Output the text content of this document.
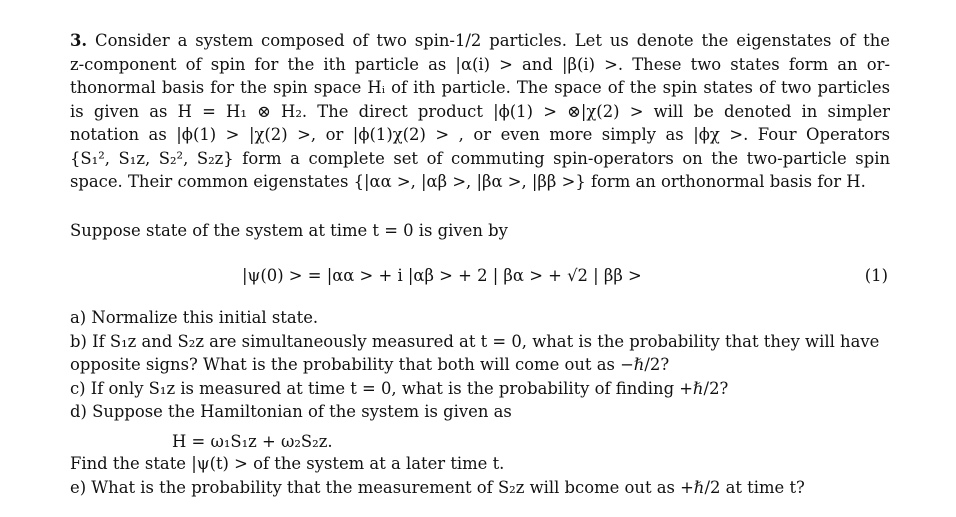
3. Consider a system composed of two spin-1/2 particles. Let us denote the eigenstates of the
z-component of spin for the ith particle as |α(i) > and |β(i) >. These two states form an or-
thonormal basis for the spin space Hᵢ of ith particle. The space of the spin states of two particles
is given as H = H₁ ⊗ H₂. The direct product |ϕ(1) > ⊗|χ(2) > will be denoted in simpler
notation as |ϕ(1) > |χ(2) >, or |ϕ(1)χ(2) > , or even more simply as |ϕχ >. Four Operators
{S₁², S₁z, S₂², S₂z} form a complete set of commuting spin-operators on the two-particle spin
space. Their common eigenstates {|αα >, |αβ >, |βα >, |ββ >} form an orthonormal basis for H.
Suppose state of the system at time t = 0 is given by
|ψ(0) > = |αα > + i |αβ > + 2 | βα > + √2 | ββ >	(1)
a) Normalize this initial state.
b) If S₁z and S₂z are simultaneously measured at t = 0, what is the probability that they will have
opposite signs? What is the probability that both will come out as −ℏ/2?
c) If only S₁z is measured at time t = 0, what is the probability of finding +ℏ/2?
d) Suppose the Hamiltonian of the system is given as
H = ω₁S₁z + ω₂S₂z.
Find the state |ψ(t) > of the system at a later time t.
e) What is the probability that the measurement of S₂z will bcome out as +ℏ/2 at time t?
